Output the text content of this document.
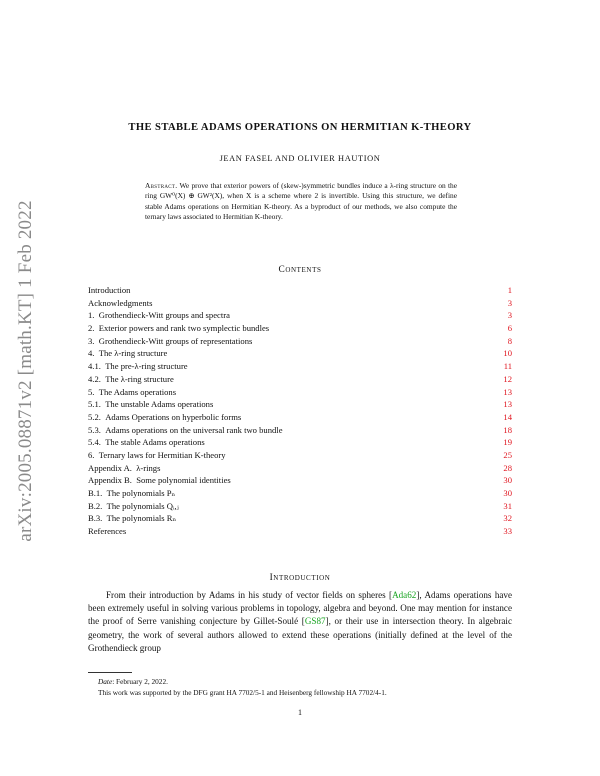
arXiv:2005.08871v2 [math.KT] 1 Feb 2022
THE STABLE ADAMS OPERATIONS ON HERMITIAN K-THEORY
JEAN FASEL AND OLIVIER HAUTION
Abstract. We prove that exterior powers of (skew-)symmetric bundles induce a λ-ring structure on the ring GW⁰(X) ⊕ GW²(X), when X is a scheme where 2 is invertible. Using this structure, we define stable Adams operations on Hermitian K-theory. As a byproduct of our methods, we also compute the ternary laws associated to Hermitian K-theory.
Contents
Introduction	1
Acknowledgments	3
1.  Grothendieck-Witt groups and spectra	3
2.  Exterior powers and rank two symplectic bundles	6
3.  Grothendieck-Witt groups of representations	8
4.  The λ-ring structure	10
4.1.  The pre-λ-ring structure	11
4.2.  The λ-ring structure	12
5.  The Adams operations	13
5.1.  The unstable Adams operations	13
5.2.  Adams Operations on hyperbolic forms	14
5.3.  Adams operations on the universal rank two bundle	18
5.4.  The stable Adams operations	19
6.  Ternary laws for Hermitian K-theory	25
Appendix A.  λ-rings	28
Appendix B.  Some polynomial identities	30
B.1.  The polynomials Pₙ	30
B.2.  The polynomials Qᵢ,ⱼ	31
B.3.  The polynomials Rₙ	32
References	33
Introduction

From their introduction by Adams in his study of vector fields on spheres [Ada62], Adams operations have been extremely useful in solving various problems in topology, algebra and beyond. One may mention for instance the proof of Serre vanishing conjecture by Gillet-Soulé [GS87], or their use in intersection theory. In algebraic geometry, the work of several authors allowed to extend these operations (initially defined at the level of the Grothendieck group

Date: February 2, 2022.
This work was supported by the DFG grant HA 7702/5-1 and Heisenberg fellowship HA 7702/4-1.
1
